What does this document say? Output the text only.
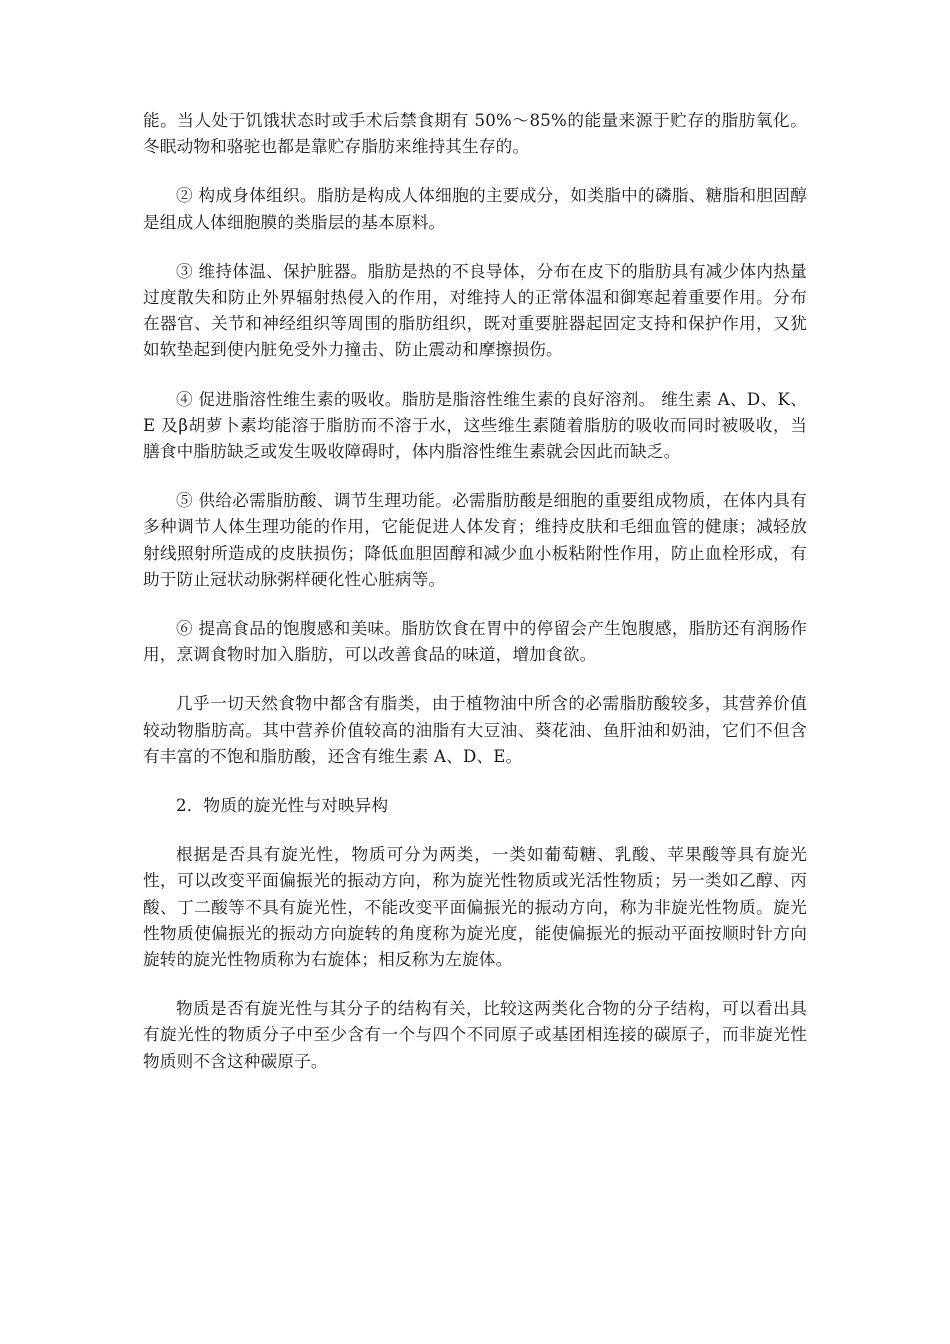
能。当人处于饥饿状态时或手术后禁食期有 50%～85%的能量来源于贮存的脂肪氧化。冬眠动物和骆驼也都是靠贮存脂肪来维持其生存的。

② 构成身体组织。脂肪是构成人体细胞的主要成分，如类脂中的磷脂、糖脂和胆固醇是组成人体细胞膜的类脂层的基本原料。

③ 维持体温、保护脏器。脂肪是热的不良导体，分布在皮下的脂肪具有减少体内热量过度散失和防止外界辐射热侵入的作用，对维持人的正常体温和御寒起着重要作用。分布在器官、关节和神经组织等周围的脂肪组织，既对重要脏器起固定支持和保护作用，又犹如软垫起到使内脏免受外力撞击、防止震动和摩擦损伤。

④ 促进脂溶性维生素的吸收。脂肪是脂溶性维生素的良好溶剂。 维生素 A、D、K、E 及β胡萝卜素均能溶于脂肪而不溶于水，这些维生素随着脂肪的吸收而同时被吸收，当膳食中脂肪缺乏或发生吸收障碍时，体内脂溶性维生素就会因此而缺乏。

⑤ 供给必需脂肪酸、调节生理功能。必需脂肪酸是细胞的重要组成物质，在体内具有多种调节人体生理功能的作用，它能促进人体发育；维持皮肤和毛细血管的健康；减轻放射线照射所造成的皮肤损伤；降低血胆固醇和减少血小板粘附性作用，防止血栓形成，有助于防止冠状动脉粥样硬化性心脏病等。

⑥ 提高食品的饱腹感和美味。脂肪饮食在胃中的停留会产生饱腹感，脂肪还有润肠作用，烹调食物时加入脂肪，可以改善食品的味道，增加食欲。

几乎一切天然食物中都含有脂类，由于植物油中所含的必需脂肪酸较多，其营养价值较动物脂肪高。其中营养价值较高的油脂有大豆油、葵花油、鱼肝油和奶油，它们不但含有丰富的不饱和脂肪酸，还含有维生素 A、D、E。

2．物质的旋光性与对映异构

根据是否具有旋光性，物质可分为两类，一类如葡萄糖、乳酸、苹果酸等具有旋光性，可以改变平面偏振光的振动方向，称为旋光性物质或光活性物质；另一类如乙醇、丙酸、丁二酸等不具有旋光性，不能改变平面偏振光的振动方向，称为非旋光性物质。旋光性物质使偏振光的振动方向旋转的角度称为旋光度，能使偏振光的振动平面按顺时针方向旋转的旋光性物质称为右旋体；相反称为左旋体。

物质是否有旋光性与其分子的结构有关，比较这两类化合物的分子结构，可以看出具有旋光性的物质分子中至少含有一个与四个不同原子或基团相连接的碳原子，而非旋光性物质则不含这种碳原子。
